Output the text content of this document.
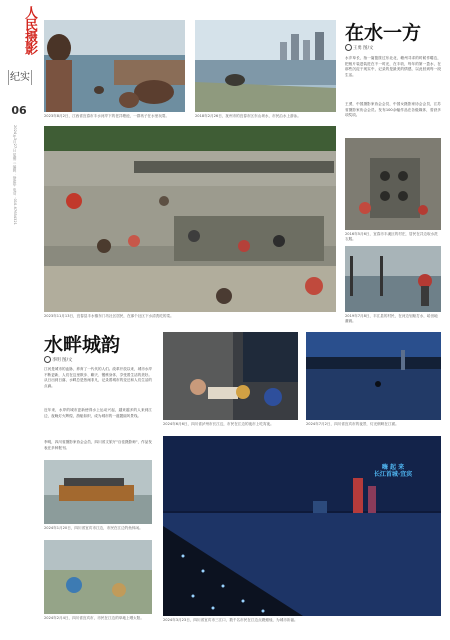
人民摄影
纪实
06
2024年3月27日 星期三 编辑：徐建华 电话：010-67654321
2023年8月2日，江西省宜春市丰水河岸下的老井塘池，一群孩子在水里玩耍。	2018年2月26日，抚州市的宜春市区东山坝水，市民沿水上游泳。
在水一方
王勇 图/文
水乡草长，抬一篱篮筐过东北北，赣州寻求的时候作曝边，把相片装进装进在不一时光，在丰收，每年的第一盈水，在那些沉淀于现实中，记录的是最美的情感，以此回到每一段生活。
王勇，中国摄影家协会会员，中国女摄影家协会会员，江苏省摄影家协会会员。发布100余幅作品在各级媒体，曾获多项奖项。
2023年11月13日，宜春县丰水镇东门坊社区居民，在那个社区下水清洗吃的菜。
2016年5月6日，宜春市丰溪区的村庄，居民在井边取水洗衣服。
2019年7月8日，丰江县的村民，在河边划船打水，给田地灌溉。
水畔城韵
李明 图/文
江河是城市的血脉，养育了一代代的人们。改革开放以来，城市水岸不断更新，人们在这里散步、聊天、锻炼身体，享受着生活的美好。从日出到日落，水畔总是热闹非凡，记录着城市的变迁和人们生活的点滴。
近年来，水岸的城市更新使得水上运动兴起，越来越多的人来到江边，夜晚灯火辉煌，游船如织，成为城市的一道靓丽风景线。
李明，四川省摄影家协会会员，四川省文旅厅"百佳摄影师"，作品发表在多种报刊。
2024年1月20日，四川省宜宾市江边，市民在江边钓鱼休闲。
2024年2月4日，四川省宜宾市，市民在江边的草地上晒太阳。
2024年6月6日，四川省泸州市长江边，市民在江边的夜市上吃宵夜。	2024年7月2日，四川省宜宾市的夜景，灯光倒映在江面。
嗨 起 来
长江首城·宜宾
2024年3月23日，四川省宜宾市三江口，数千名市民在江边点燃蜡烛，为城市祈福。
